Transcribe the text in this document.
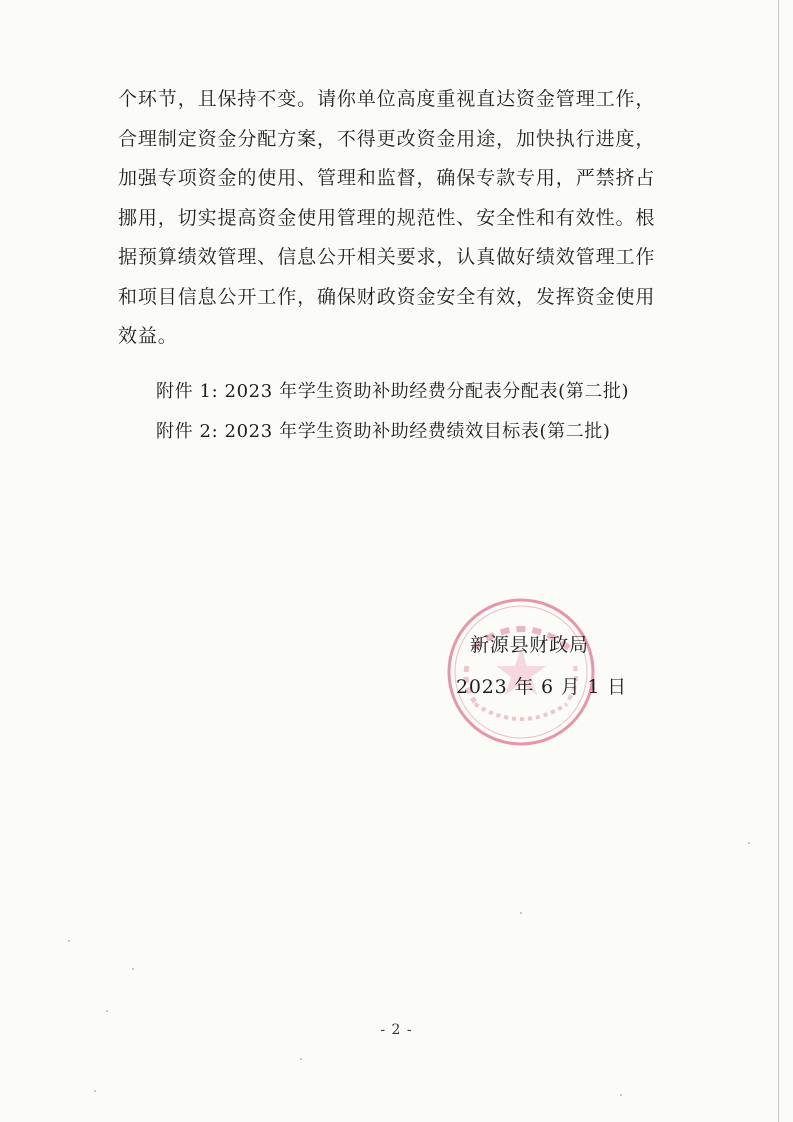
个环节，且保持不变。请你单位高度重视直达资金管理工作，
合理制定资金分配方案，不得更改资金用途，加快执行进度，
加强专项资金的使用、管理和监督，确保专款专用，严禁挤占
挪用，切实提高资金使用管理的规范性、安全性和有效性。根
据预算绩效管理、信息公开相关要求，认真做好绩效管理工作
和项目信息公开工作，确保财政资金安全有效，发挥资金使用
效益。
附件 1: 2023 年学生资助补助经费分配表分配表(第二批)
附件 2: 2023 年学生资助补助经费绩效目标表(第二批)
新源县财政局
2023 年 6 月 1 日
- 2 -
